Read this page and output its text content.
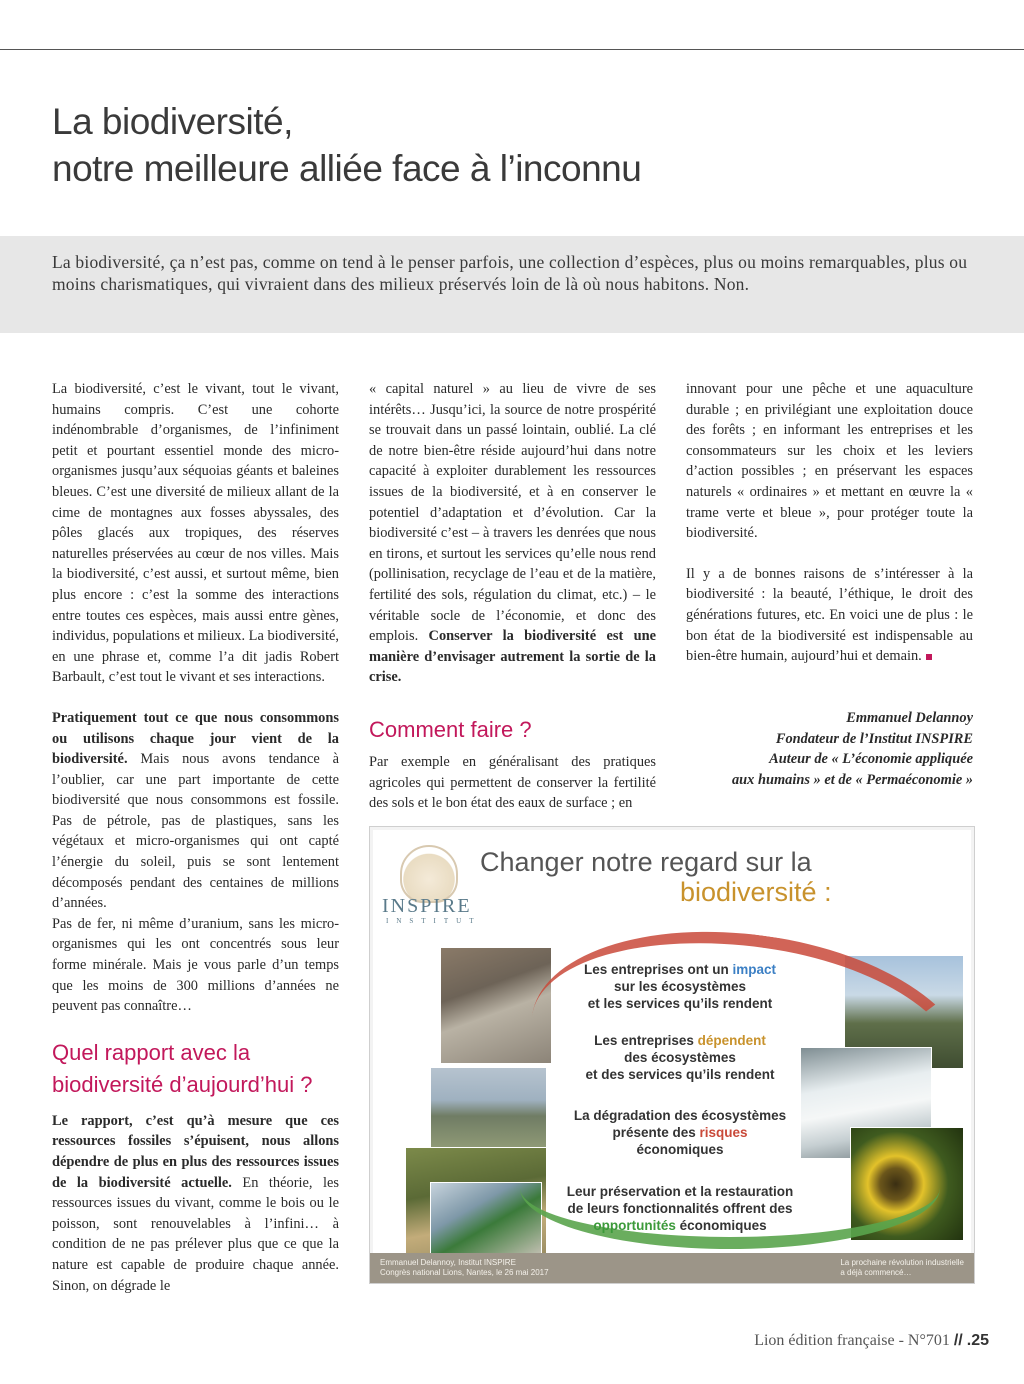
La biodiversité,
notre meilleure alliée face à l’inconnu

La biodiversité, ça n’est pas, comme on tend à le penser parfois, une collection d’espèces, plus ou moins remarquables, plus ou moins charismatiques, qui vivraient dans des milieux préservés loin de là où nous habitons. Non.

La biodiversité, c’est le vivant, tout le vivant, humains compris. C’est une cohorte indénombrable d’organismes, de l’infiniment petit et pourtant essentiel monde des micro-organismes jusqu’aux séquoias géants et baleines bleues. C’est une diversité de milieux allant de la cime de montagnes aux fosses abyssales, des pôles glacés aux tropiques, des réserves naturelles préservées au cœur de nos villes. Mais la biodiversité, c’est aussi, et surtout même, bien plus encore : c’est la somme des interactions entre toutes ces espèces, mais aussi entre gènes, individus, populations et milieux. La biodiversité, en une phrase et, comme l’a dit jadis Robert Barbault, c’est tout le vivant et ses interactions.

Pratiquement tout ce que nous consommons ou utilisons chaque jour vient de la biodiversité. Mais nous avons tendance à l’oublier, car une part importante de cette biodiversité que nous consommons est fossile. Pas de pétrole, pas de plastiques, sans les végétaux et micro-organismes qui ont capté l’énergie du soleil, puis se sont lentement décomposés pendant des centaines de millions d’années.

Pas de fer, ni même d’uranium, sans les micro-organismes qui les ont concentrés sous leur forme minérale. Mais je vous parle d’un temps que les moins de 300 millions d’années ne peuvent pas connaître…

Quel rapport avec la biodiversité d’aujourd’hui ?

Le rapport, c’est qu’à mesure que ces ressources fossiles s’épuisent, nous allons dépendre de plus en plus des ressources issues de la biodiversité actuelle. En théorie, les ressources issues du vivant, comme le bois ou le poisson, sont renouvelables à l’infini… à condition de ne pas prélever plus que ce que la nature est capable de produire chaque année. Sinon, on dégrade le

« capital naturel » au lieu de vivre de ses intérêts… Jusqu’ici, la source de notre prospérité se trouvait dans un passé lointain, oublié. La clé de notre bien-être réside aujourd’hui dans notre capacité à exploiter durablement les ressources issues de la biodiversité, et à en conserver le potentiel d’adaptation et d’évolution. Car la biodiversité c’est – à travers les denrées que nous en tirons, et surtout les services qu’elle nous rend (pollinisation, recyclage de l’eau et de la matière, fertilité des sols, régulation du climat, etc.) – le véritable socle de l’économie, et donc des emplois. Conserver la biodiversité est une manière d’envisager autrement la sortie de la crise.

Comment faire ?

Par exemple en généralisant des pratiques agricoles qui permettent de conserver la fertilité des sols et le bon état des eaux de surface ; en

innovant pour une pêche et une aquaculture durable ; en privilégiant une exploitation douce des forêts ; en informant les entreprises et les consommateurs sur les choix et les leviers d’action possibles ; en préservant les espaces naturels « ordinaires » et mettant en œuvre la « trame verte et bleue », pour protéger toute la biodiversité.

Il y a de bonnes raisons de s’intéresser à la biodiversité : la beauté, l’éthique, le droit des générations futures, etc. En voici une de plus : le bon état de la biodiversité est indispensable au bien-être humain, aujourd’hui et demain.

Emmanuel Delannoy
Fondateur de l’Institut INSPIRE
Auteur de « L’économie appliquée
aux humains » et de « Permaéconomie »
INSPIRE
INSTITUT
Changer notre regard sur la
biodiversité :
Les entreprises ont un impact
sur les écosystèmes
et les services qu’ils rendent
Les entreprises dépendent
des écosystèmes
et des services qu’ils rendent
La dégradation des écosystèmes
présente des risques
économiques
Leur préservation et la restauration
de leurs fonctionnalités offrent des
opportunités économiques
Emmanuel Delannoy, Institut INSPIRE
Congrès national Lions, Nantes, le 26 mai 2017
La prochaine révolution industrielle
a déjà commencé…
Lion édition française - N°701 // .25
